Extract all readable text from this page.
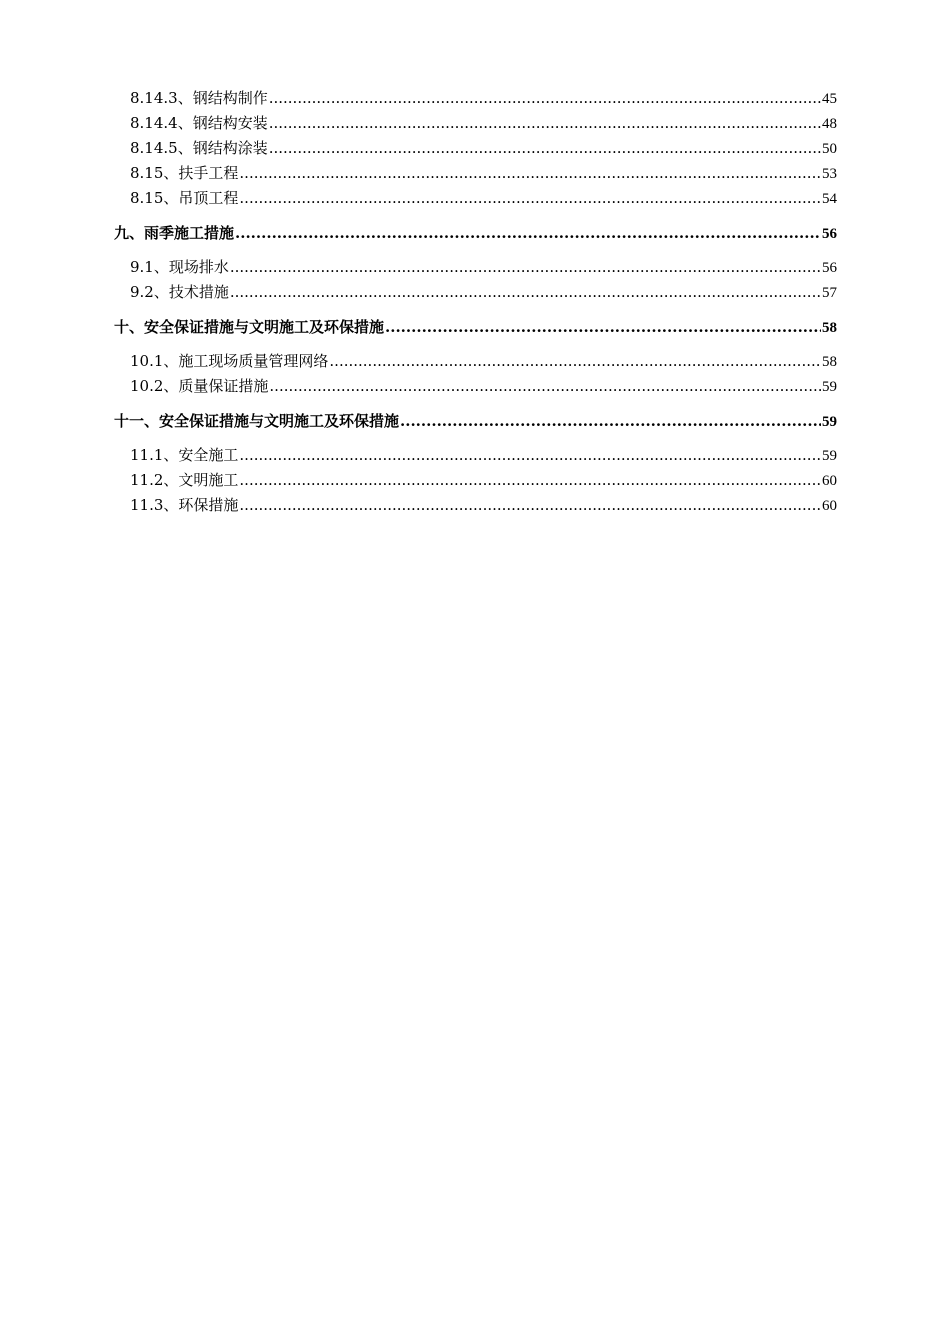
8.14.3、钢结构制作 .....	45
8.14.4、钢结构安装 .....	48
8.14.5、钢结构涂装 .....	50
8.15、扶手工程 .....	53
8.15、吊顶工程 .....	54
九、雨季施工措施 .....	56
9.1、现场排水 .....	56
9.2、技术措施 .....	57
十、安全保证措施与文明施工及环保措施 .....	58
10.1、施工现场质量管理网络 .....	58
10.2、质量保证措施 .....	59
十一、安全保证措施与文明施工及环保措施 .....	59
11.1、安全施工 .....	59
11.2、文明施工 .....	60
11.3、环保措施 .....	60
